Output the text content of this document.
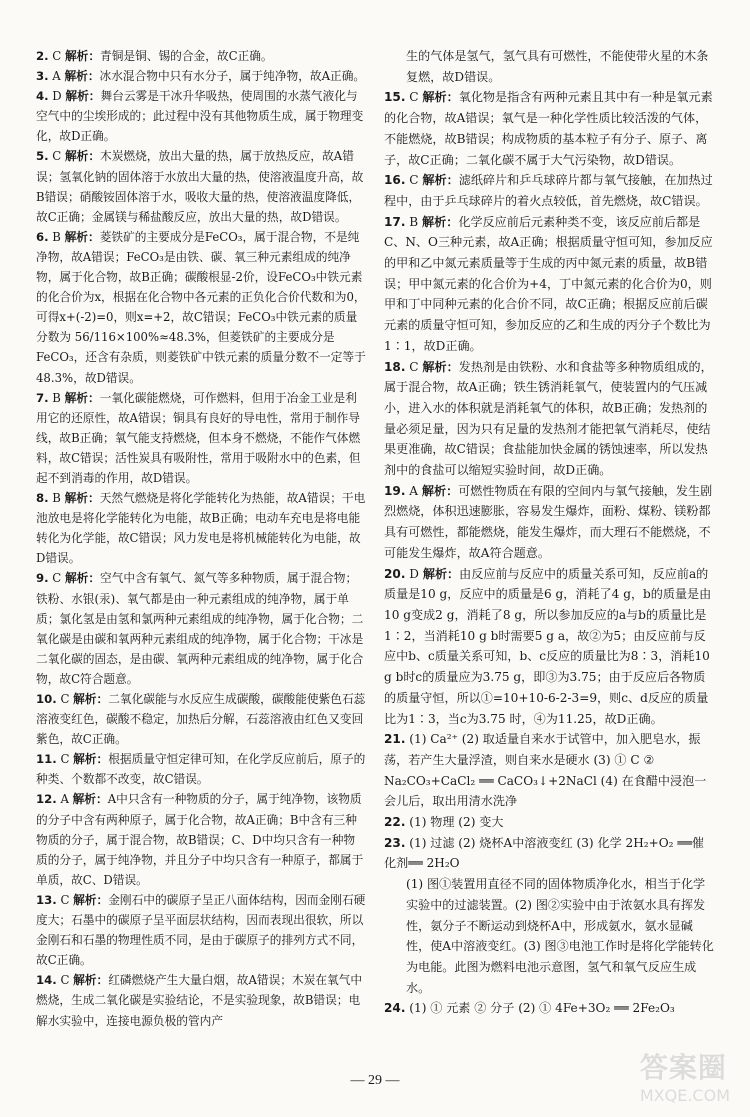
2. C 解析：青铜是铜、锡的合金，故C正确。

3. A 解析：冰水混合物中只有水分子，属于纯净物，故A正确。

4. D 解析：舞台云雾是干冰升华吸热，使周围的水蒸气液化与空气中的尘埃形成的；此过程中没有其他物质生成，属于物理变化，故D正确。

5. C 解析：木炭燃烧，放出大量的热，属于放热反应，故A错误；氢氧化钠的固体溶于水放出大量的热，使溶液温度升高，故B错误；硝酸铵固体溶于水，吸收大量的热，使溶液温度降低，故C正确；金属镁与稀盐酸反应，放出大量的热，故D错误。

6. B 解析：菱铁矿的主要成分是FeCO₃，属于混合物，不是纯净物，故A错误；FeCO₃是由铁、碳、氧三种元素组成的纯净物，属于化合物，故B正确；碳酸根显-2价，设FeCO₃中铁元素的化合价为x，根据在化合物中各元素的正负化合价代数和为0，可得x+(-2)=0，则x=+2，故C错误；FeCO₃中铁元素的质量分数为 56/116×100%≈48.3%，但菱铁矿的主要成分是FeCO₃，还含有杂质，则菱铁矿中铁元素的质量分数不一定等于48.3%，故D错误。

7. B 解析：一氧化碳能燃烧，可作燃料，但用于冶金工业是利用它的还原性，故A错误；铜具有良好的导电性，常用于制作导线，故B正确；氧气能支持燃烧，但本身不燃烧，不能作气体燃料，故C错误；活性炭具有吸附性，常用于吸附水中的色素，但起不到消毒的作用，故D错误。

8. B 解析：天然气燃烧是将化学能转化为热能，故A错误；干电池放电是将化学能转化为电能，故B正确；电动车充电是将电能转化为化学能，故C错误；风力发电是将机械能转化为电能，故D错误。

9. C 解析：空气中含有氧气、氮气等多种物质，属于混合物；铁粉、水银(汞)、氧气都是由一种元素组成的纯净物，属于单质；氯化氢是由氢和氯两种元素组成的纯净物，属于化合物；二氧化碳是由碳和氧两种元素组成的纯净物，属于化合物；干冰是二氧化碳的固态，是由碳、氧两种元素组成的纯净物，属于化合物，故C符合题意。

10. C 解析：二氧化碳能与水反应生成碳酸，碳酸能使紫色石蕊溶液变红色，碳酸不稳定，加热后分解，石蕊溶液由红色又变回紫色，故C正确。

11. C 解析：根据质量守恒定律可知，在化学反应前后，原子的种类、个数都不改变，故C错误。

12. A 解析：A中只含有一种物质的分子，属于纯净物，该物质的分子中含有两种原子，属于化合物，故A正确；B中含有三种物质的分子，属于混合物，故B错误；C、D中均只含有一种物质的分子，属于纯净物，并且分子中均只含有一种原子，都属于单质，故C、D错误。

13. C 解析：金刚石中的碳原子呈正八面体结构，因而金刚石硬度大；石墨中的碳原子呈平面层状结构，因而表现出很软，所以金刚石和石墨的物理性质不同，是由于碳原子的排列方式不同，故C正确。

14. C 解析：红磷燃烧产生大量白烟，故A错误；木炭在氧气中燃烧，生成二氧化碳是实验结论，不是实验现象，故B错误；电解水实验中，连接电源负极的管内产

生的气体是氢气，氢气具有可燃性，不能使带火星的木条复燃，故D错误。

15. C 解析：氧化物是指含有两种元素且其中有一种是氧元素的化合物，故A错误；氧气是一种化学性质比较活泼的气体，不能燃烧，故B错误；构成物质的基本粒子有分子、原子、离子，故C正确；二氧化碳不属于大气污染物，故D错误。

16. C 解析：滤纸碎片和乒乓球碎片都与氧气接触，在加热过程中，由于乒乓球碎片的着火点较低，首先燃烧，故C错误。

17. B 解析：化学反应前后元素种类不变，该反应前后都是C、N、O三种元素，故A正确；根据质量守恒可知，参加反应的甲和乙中氮元素质量等于生成的丙中氮元素的质量，故B错误；甲中氮元素的化合价为+4，丁中氮元素的化合价为0，则甲和丁中同种元素的化合价不同，故C正确；根据反应前后碳元素的质量守恒可知，参加反应的乙和生成的丙分子个数比为1∶1，故D正确。

18. C 解析：发热剂是由铁粉、水和食盐等多种物质组成的，属于混合物，故A正确；铁生锈消耗氧气，使装置内的气压减小，进入水的体积就是消耗氧气的体积，故B正确；发热剂的量必须足量，因为只有足量的发热剂才能把氧气消耗尽，使结果更准确，故C错误；食盐能加快金属的锈蚀速率，所以发热剂中的食盐可以缩短实验时间，故D正确。

19. A 解析：可燃性物质在有限的空间内与氧气接触，发生剧烈燃烧，体积迅速膨胀，容易发生爆炸，面粉、煤粉、镁粉都具有可燃性，都能燃烧，能发生爆炸，而大理石不能燃烧，不可能发生爆炸，故A符合题意。

20. D 解析：由反应前与反应中的质量关系可知，反应前a的质量是10 g，反应中的质量是6 g，消耗了4 g，b的质量是由10 g变成2 g，消耗了8 g，所以参加反应的a与b的质量比是1∶2，当消耗10 g b时需要5 g a，故②为5；由反应前与反应中b、c质量关系可知，b、c反应的质量比为8∶3，消耗10 g b时c的质量应为3.75 g，即③为3.75；由于反应后各物质的质量守恒，所以①=10+10-6-2-3=9，则c、d反应的质量比为1∶3，当c为3.75 时，④为11.25，故D正确。

21. (1) Ca²⁺ (2) 取适量自来水于试管中，加入肥皂水，振荡，若产生大量浮渣，则自来水是硬水 (3) ① C ② Na₂CO₃+CaCl₂ ══ CaCO₃↓+2NaCl (4) 在食醋中浸泡一会儿后，取出用清水洗净

22. (1) 物理 (2) 变大

23. (1) 过滤 (2) 烧杯A中溶液变红 (3) 化学 2H₂+O₂ ══催化剂══ 2H₂O

(1) 图①装置用直径不同的固体物质净化水，相当于化学实验中的过滤装置。(2) 图②实验中由于浓氨水具有挥发性，氨分子不断运动到烧杯A中，形成氨水，氨水显碱性，使A中溶液变红。(3) 图③电池工作时是将化学能转化为电能。此图为燃料电池示意图，氢气和氧气反应生成水。

24. (1) ① 元素 ② 分子 (2) ① 4Fe+3O₂ ══ 2Fe₂O₃

— 29 —	答案圈
MXQE.COM
